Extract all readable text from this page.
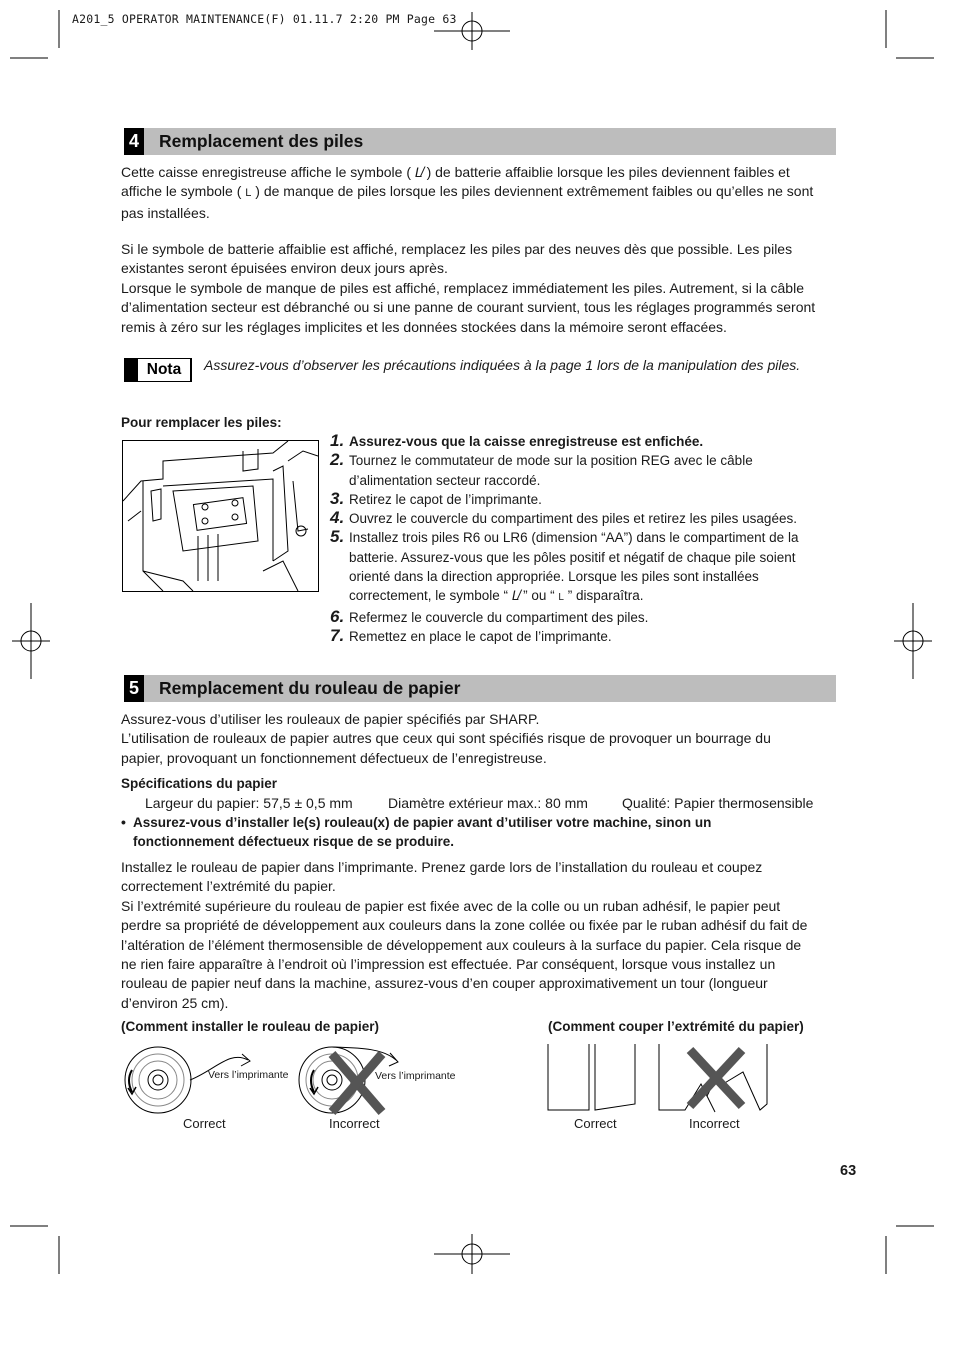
A201_5 OPERATOR MAINTENANCE(F) 01.11.7 2:20 PM Page 63
4 Remplacement des piles

Cette caisse enregistreuse affiche le symbole ( L̸ ) de batterie affaiblie lorsque les piles deviennent faibles et

affiche le symbole ( L ) de manque de piles lorsque les piles deviennent extrêmement faibles ou qu’elles ne sont

pas installées.

Si le symbole de batterie affaiblie est affiché, remplacez les piles par des neuves dès que possible. Les piles

existantes seront épuisées environ deux jours après.

Lorsque le symbole de manque de piles est affiché, remplacez immédiatement les piles. Autrement, si la câble

d’alimentation secteur est débranché ou si une panne de courant survient, tous les réglages programmés seront

remis à zéro sur les réglages implicites et les données stockées dans la mémoire seront effacées.

Nota	Assurez-vous d’observer les précautions indiquées à la page 1 lors de la manipulation des piles.
Pour remplacer les piles:
1. Assurez-vous que la caisse enregistreuse est enfichée.
2. Tournez le commutateur de mode sur la position REG avec le câble
d’alimentation secteur raccordé.
3. Retirez le capot de l’imprimante.
4. Ouvrez le couvercle du compartiment des piles et retirez les piles usagées.
5. Installez trois piles R6 ou LR6 (dimension “AA”) dans le compartiment de la
batterie. Assurez-vous que les pôles positif et négatif de chaque pile soient
orienté dans la direction appropriée. Lorsque les piles sont installées
correctement, le symbole “ L̸ ” ou “ L ” disparaîtra.
6. Refermez le couvercle du compartiment des piles.
7. Remettez en place le capot de l’imprimante.
5 Remplacement du rouleau de papier

Assurez-vous d’utiliser les rouleaux de papier spécifiés par SHARP.

L’utilisation de rouleaux de papier autres que ceux qui sont spécifiés risque de provoquer un bourrage du

papier, provoquant un fonctionnement défectueux de l’enregistreuse.

Spécifications du papier
Largeur du papier: 57,5 ± 0,5 mm	Diamètre extérieur max.: 80 mm Qualité: Papier thermosensible
• Assurez-vous d’installer le(s) rouleau(x) de papier avant d’utiliser votre machine, sinon un
fonctionnement défectueux risque de se produire.

Installez le rouleau de papier dans l’imprimante. Prenez garde lors de l’installation du rouleau et coupez

correctement l’extrémité du papier.

Si l’extrémité supérieure du rouleau de papier est fixée avec de la colle ou un ruban adhésif, le papier peut

perdre sa propriété de développement aux couleurs dans la zone collée ou fixée par le ruban adhésif du fait de

l’altération de l’élément thermosensible de développement aux couleurs à la surface du papier. Cela risque de

ne rien faire apparaître à l’endroit où l’impression est effectuée. Par conséquent, lorsque vous installez un

rouleau de papier neuf dans la machine, assurez-vous d’en couper approximativement un tour (longueur

d’environ 25 cm).

(Comment installer le rouleau de papier)	(Comment couper l’extrémité du papier)
Vers l’imprimante	Vers l’imprimante
Correct	Incorrect	Correct	Incorrect
63
